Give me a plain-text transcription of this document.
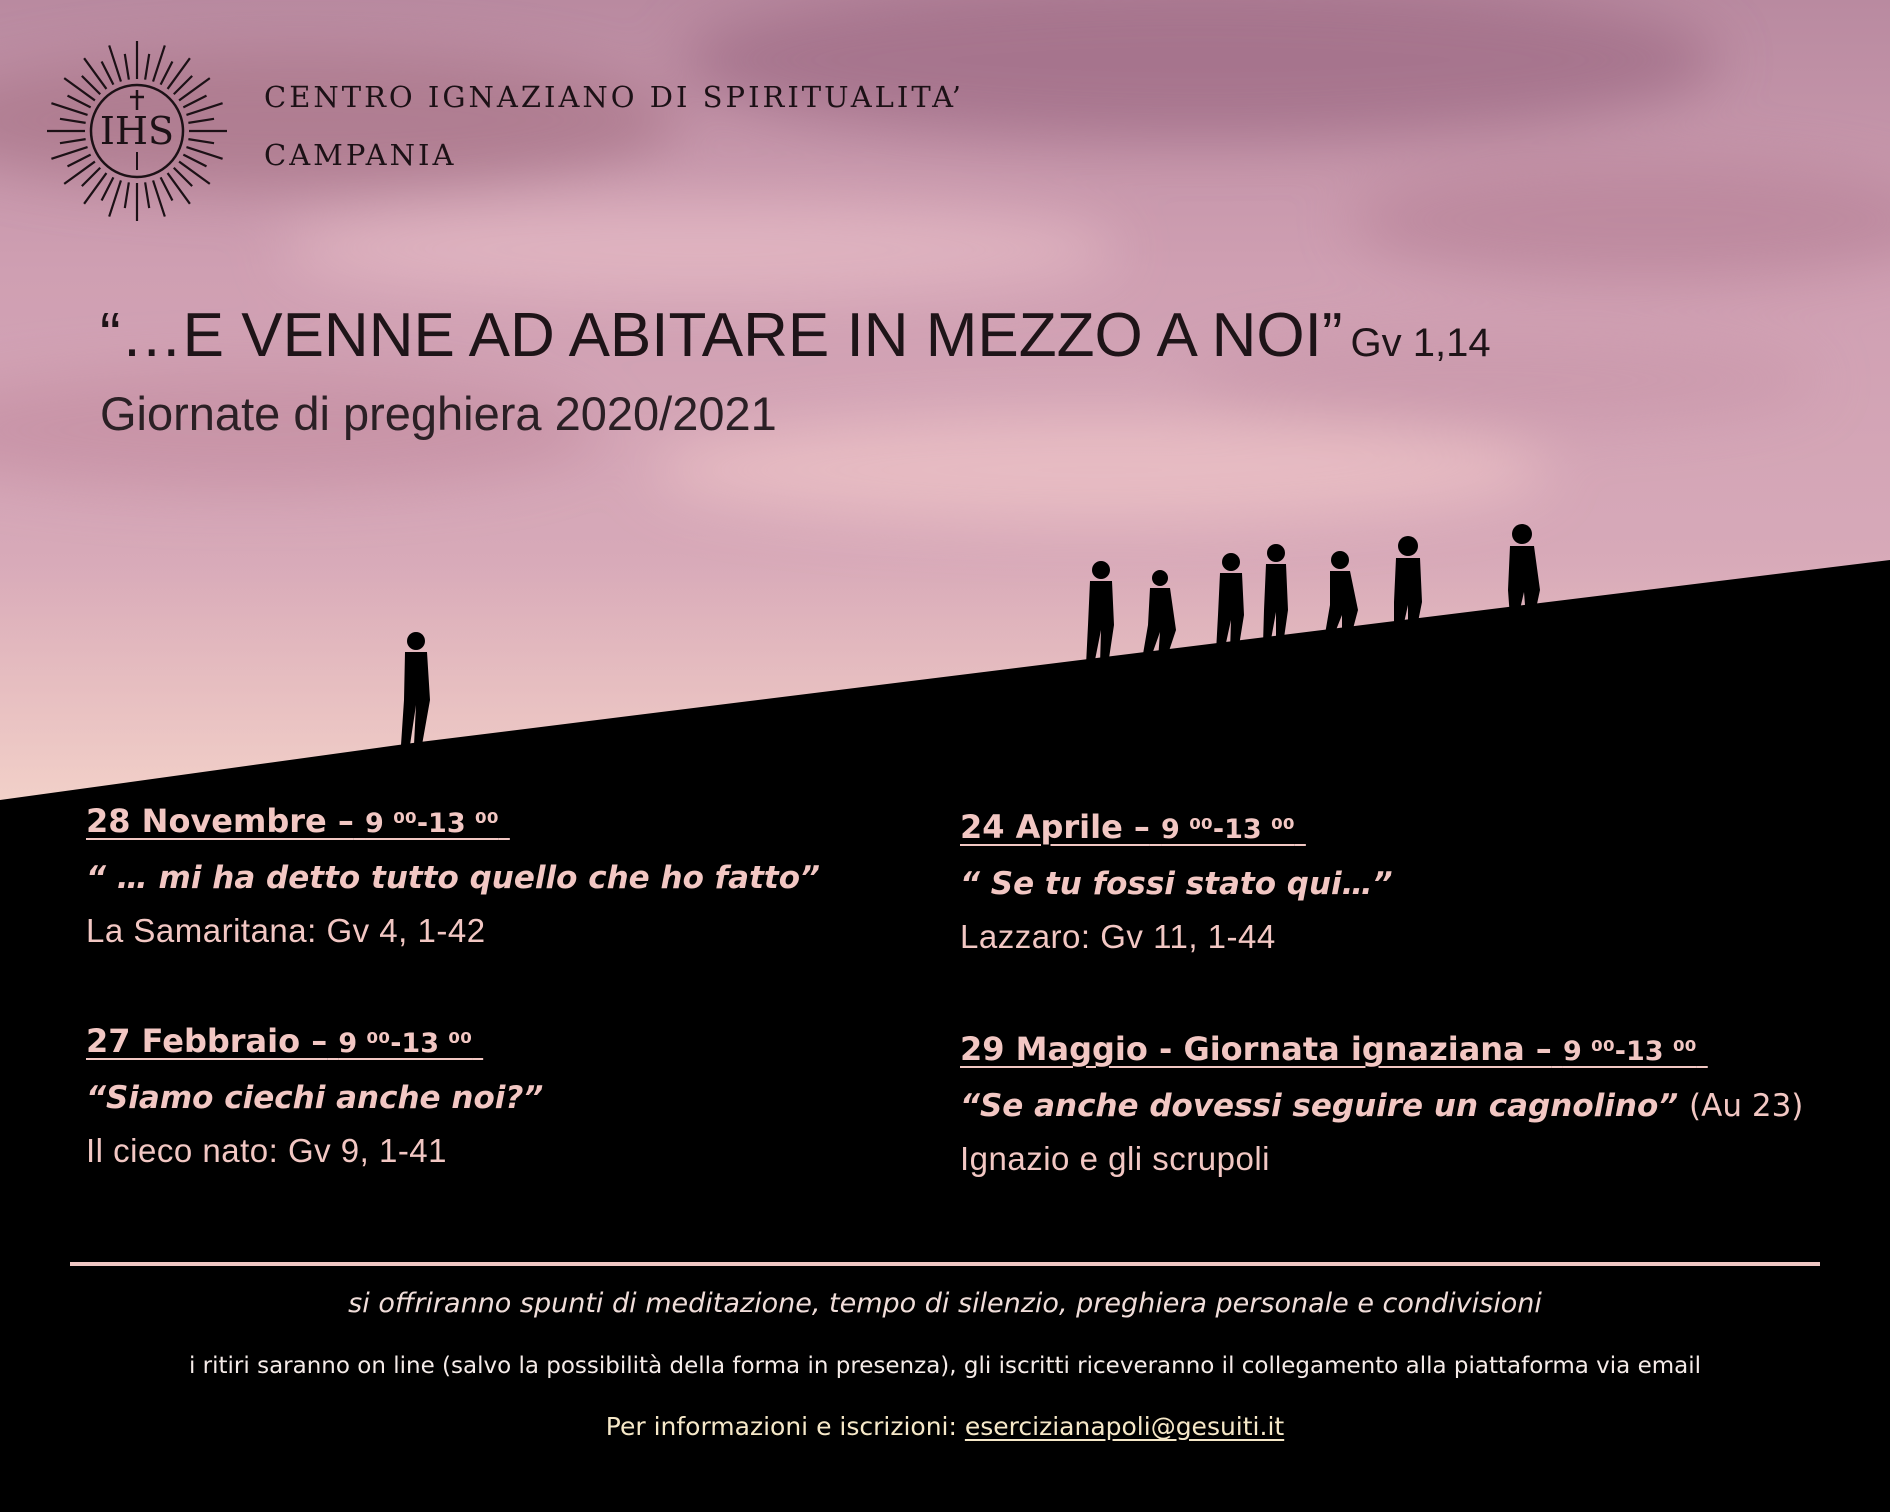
IHS
CENTRO IGNAZIANO DI SPIRITUALITA’
CAMPANIA
“…E VENNE AD ABITARE IN MEZZO A NOI” Gv 1,14
Giornate di preghiera 2020/2021
28 Novembre – 9 ⁰⁰-13 ⁰⁰
“ … mi ha detto tutto quello che ho fatto”
La Samaritana: Gv 4, 1-42
27 Febbraio – 9 ⁰⁰-13 ⁰⁰
“Siamo ciechi anche noi?”
Il cieco nato: Gv 9, 1-41
24 Aprile – 9 ⁰⁰-13 ⁰⁰
“ Se tu fossi stato qui…”
Lazzaro: Gv 11, 1-44
29 Maggio - Giornata ignaziana – 9 ⁰⁰-13 ⁰⁰
“Se anche dovessi seguire un cagnolino” (Au 23)
Ignazio e gli scrupoli
si offriranno spunti di meditazione, tempo di silenzio, preghiera personale e condivisioni
i ritiri saranno on line (salvo la possibilità della forma in presenza), gli iscritti riceveranno il collegamento alla piattaforma via email
Per informazioni e iscrizioni: esercizianapoli@gesuiti.it
